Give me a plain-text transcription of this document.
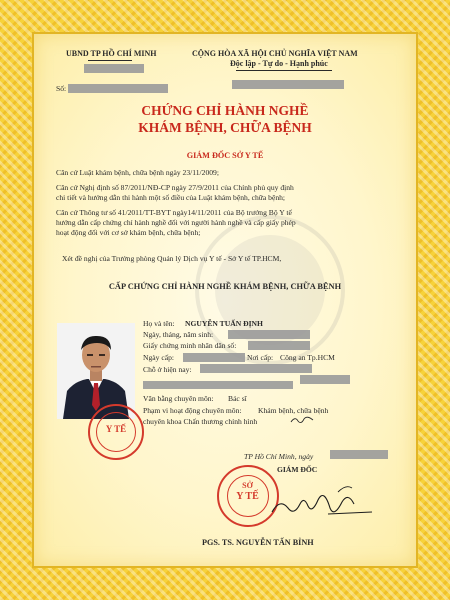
UBND TP HỒ CHÍ MINH	CỘNG HÒA XÃ HỘI CHỦ NGHĨA VIỆT NAM
Độc lập - Tự do - Hạnh phúc
Số:
CHỨNG CHỈ HÀNH NGHỀ
KHÁM BỆNH, CHỮA BỆNH
GIÁM ĐỐC SỞ Y TẾ
Căn cứ Luật khám bệnh, chữa bệnh ngày 23/11/2009;
Căn cứ Nghị định số 87/2011/NĐ-CP ngày 27/9/2011 của Chính phủ quy định
chi tiết và hướng dẫn thi hành một số điều của Luật khám bệnh, chữa bệnh;
Căn cứ Thông tư số 41/2011/TT-BYT ngày14/11/2011 của Bộ trưởng Bộ Y tế
hướng dẫn cấp chứng chỉ hành nghề đối với người hành nghề và cấp giấy phép
hoạt động đối với cơ sở khám bệnh, chữa bệnh;
Xét đề nghị của Trưởng phòng Quản lý Dịch vụ Y tế - Sở Y tế TP.HCM,
CẤP CHỨNG CHỈ HÀNH NGHỀ KHÁM BỆNH, CHỮA BỆNH
Y TẾ
Họ và tên: NGUYỄN TUẤN ĐỊNH
Ngày, tháng, năm sinh:
Giấy chứng minh nhân dân số:
Ngày cấp:	Nơi cấp: Công an Tp.HCM
Chỗ ở hiện nay:
Văn bằng chuyên môn: Bác sĩ
Phạm vi hoạt động chuyên môn: Khám bệnh, chữa bệnh
chuyên khoa Chấn thương chỉnh hình
TP Hồ Chí Minh, ngày
GIÁM ĐỐC
SỞ
Y TẾ
PGS. TS. NGUYỄN TẤN BỈNH
